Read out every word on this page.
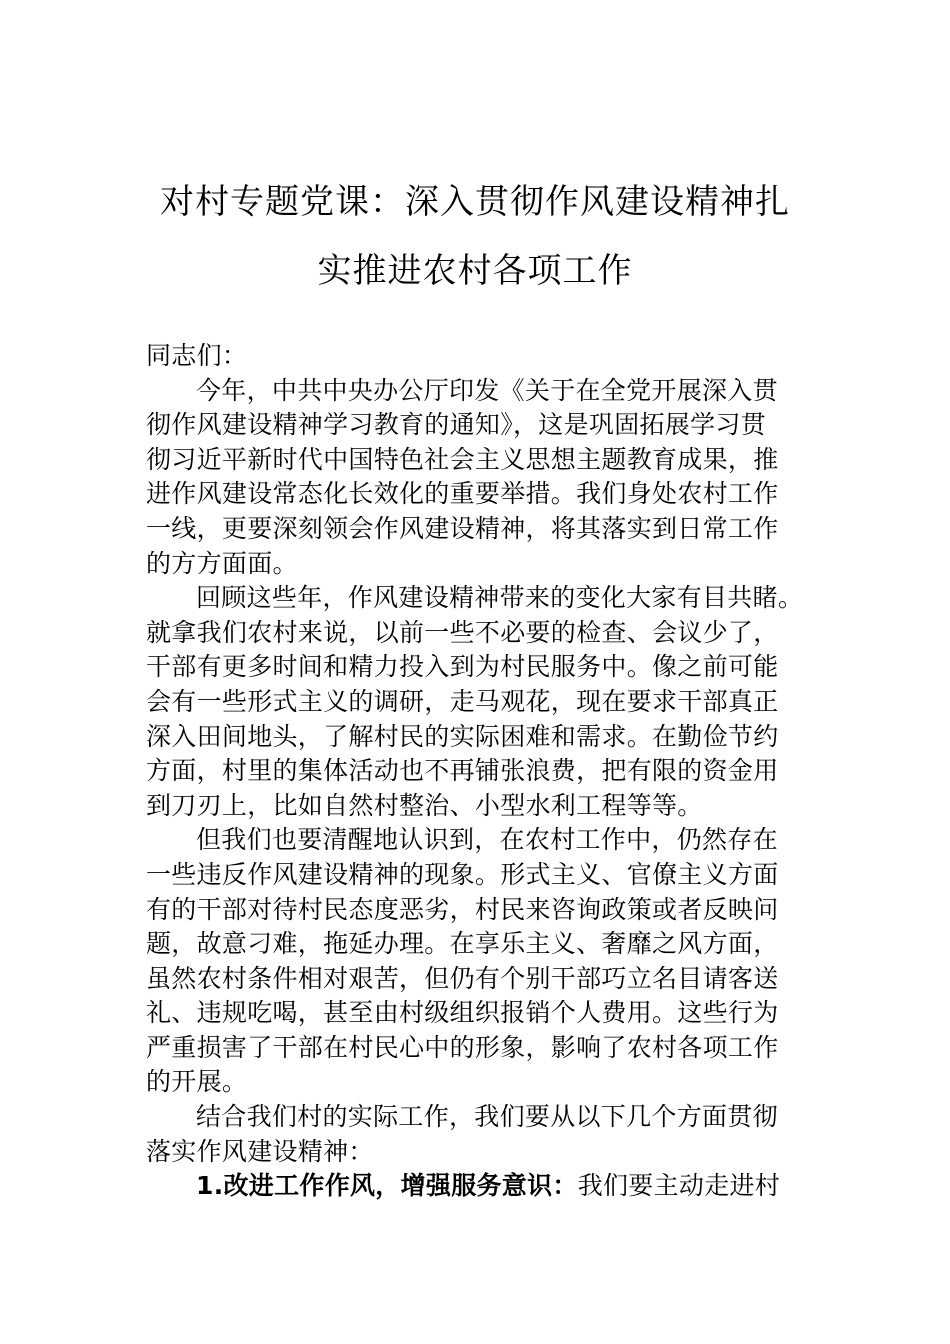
对村专题党课：深入贯彻作风建设精神扎
实推进农村各项工作
同志们：
今年，中共中央办公厅印发《关于在全党开展深入贯
彻作风建设精神学习教育的通知》，这是巩固拓展学习贯
彻习近平新时代中国特色社会主义思想主题教育成果，推
进作风建设常态化长效化的重要举措。我们身处农村工作
一线，更要深刻领会作风建设精神，将其落实到日常工作
的方方面面。
回顾这些年，作风建设精神带来的变化大家有目共睹。
就拿我们农村来说，以前一些不必要的检查、会议少了，
干部有更多时间和精力投入到为村民服务中。像之前可能
会有一些形式主义的调研，走马观花，现在要求干部真正
深入田间地头，了解村民的实际困难和需求。在勤俭节约
方面，村里的集体活动也不再铺张浪费，把有限的资金用
到刀刃上，比如自然村整治、小型水利工程等等。
但我们也要清醒地认识到，在农村工作中，仍然存在
一些违反作风建设精神的现象。形式主义、官僚主义方面
有的干部对待村民态度恶劣，村民来咨询政策或者反映问
题，故意刁难，拖延办理。在享乐主义、奢靡之风方面，
虽然农村条件相对艰苦，但仍有个别干部巧立名目请客送
礼、违规吃喝，甚至由村级组织报销个人费用。这些行为
严重损害了干部在村民心中的形象，影响了农村各项工作
的开展。
结合我们村的实际工作，我们要从以下几个方面贯彻
落实作风建设精神：
1.改进工作作风，增强服务意识：我们要主动走进村
